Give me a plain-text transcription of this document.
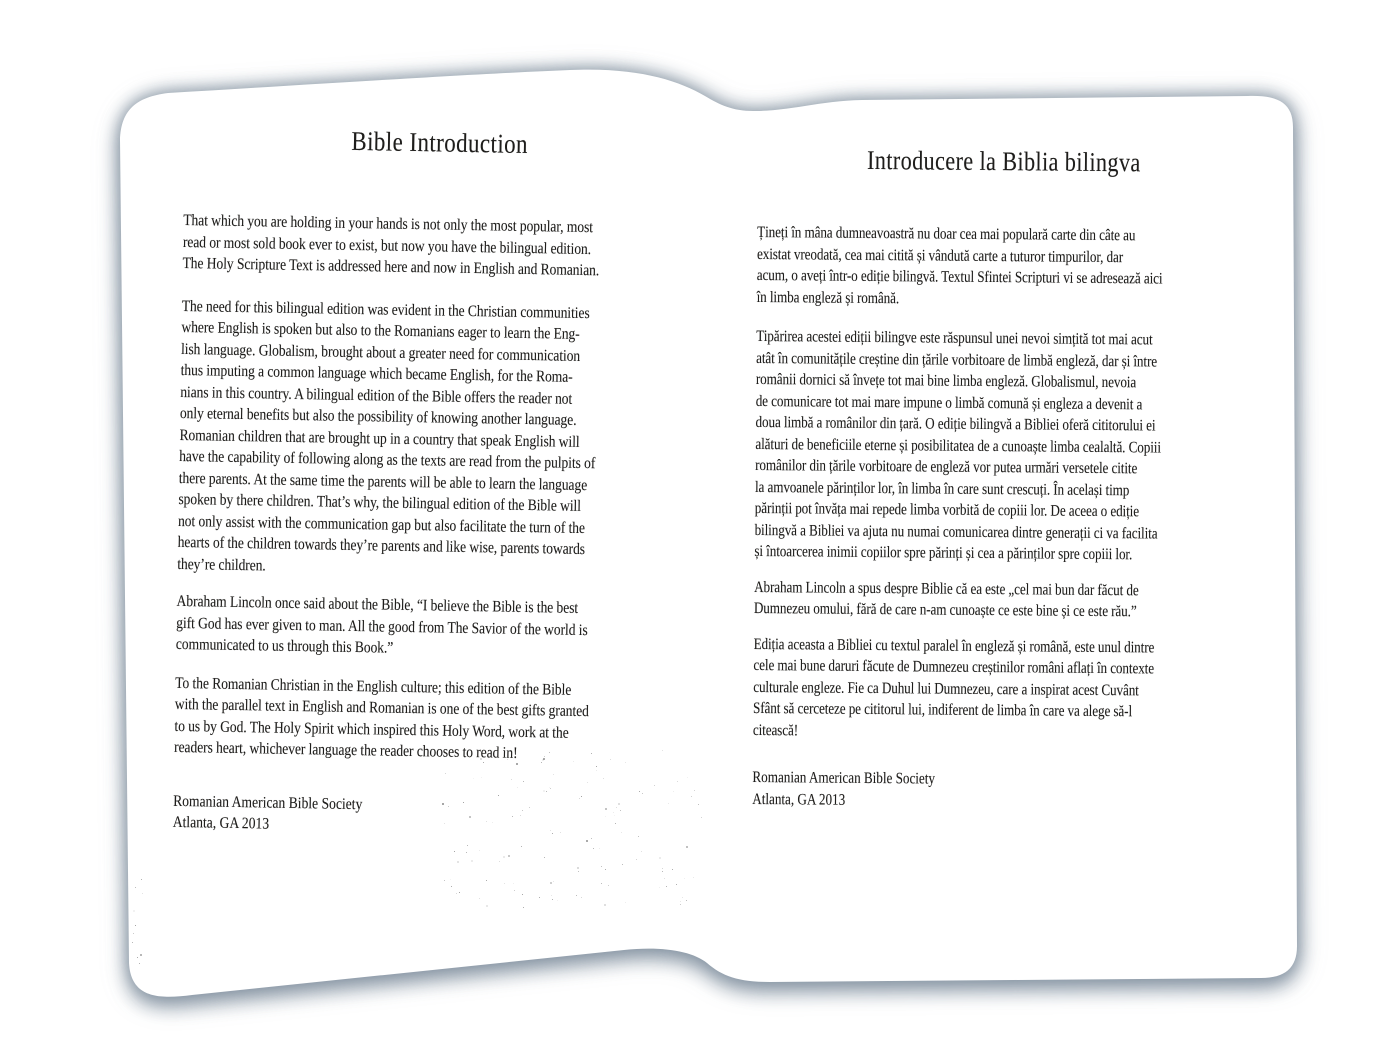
Bible Introduction
That which you are holding in your hands is not only the most popular, most
read or most sold book ever to exist, but now you have the bilingual edition.
The Holy Scripture Text is addressed here and now in English and Romanian.
The need for this bilingual edition was evident in the Christian communities
where English is spoken but also to the Romanians eager to learn the Eng-
lish language. Globalism, brought about a greater need for communication
thus imputing a common language which became English, for the Roma-
nians in this country. A bilingual edition of the Bible offers the reader not
only eternal benefits but also the possibility of knowing another language.
Romanian children that are brought up in a country that speak English will
have the capability of following along as the texts are read from the pulpits of
there parents. At the same time the parents will be able to learn the language
spoken by there children. That’s why, the bilingual edition of the Bible will
not only assist with the communication gap but also facilitate the turn of the
hearts of the children towards they’re parents and like wise, parents towards
they’re children.
Abraham Lincoln once said about the Bible, “I believe the Bible is the best
gift God has ever given to man. All the good from The Savior of the world is
communicated to us through this Book.”
To the Romanian Christian in the English culture; this edition of the Bible
with the parallel text in English and Romanian is one of the best gifts granted
to us by God. The Holy Spirit which inspired this Holy Word, work at the
readers heart, whichever language the reader chooses to read in!
Romanian American Bible Society
Atlanta, GA 2013
Introducere la Biblia bilingva
Țineți în mâna dumneavoastră nu doar cea mai populară carte din câte au
existat vreodată, cea mai citită și vândută carte a tuturor timpurilor, dar
acum, o aveți într-o ediție bilingvă. Textul Sfintei Scripturi vi se adresează aici
în limba engleză și română.
Tipărirea acestei ediții bilingve este răspunsul unei nevoi simțită tot mai acut
atât în comunitățile creștine din țările vorbitoare de limbă engleză, dar și între
românii dornici să învețe tot mai bine limba engleză. Globalismul, nevoia
de comunicare tot mai mare impune o limbă comună și engleza a devenit a
doua limbă a românilor din țară. O ediție bilingvă a Bibliei oferă cititorului ei
alături de beneficiile eterne și posibilitatea de a cunoaște limba cealaltă. Copiii
românilor din țările vorbitoare de engleză vor putea urmări versetele citite
la amvoanele părinților lor, în limba în care sunt crescuți. În același timp
părinții pot învăța mai repede limba vorbită de copiii lor. De aceea o ediție
bilingvă a Bibliei va ajuta nu numai comunicarea dintre generații ci va facilita
și întoarcerea inimii copiilor spre părinți și cea a părinților spre copiii lor.
Abraham Lincoln a spus despre Biblie că ea este „cel mai bun dar făcut de
Dumnezeu omului, fără de care n-am cunoaște ce este bine și ce este rău.”
Ediția aceasta a Bibliei cu textul paralel în engleză și română, este unul dintre
cele mai bune daruri făcute de Dumnezeu creștinilor români aflați în contexte
culturale engleze. Fie ca Duhul lui Dumnezeu, care a inspirat acest Cuvânt
Sfânt să cerceteze pe cititorul lui, indiferent de limba în care va alege să-l
citească!
Romanian American Bible Society
Atlanta, GA 2013
